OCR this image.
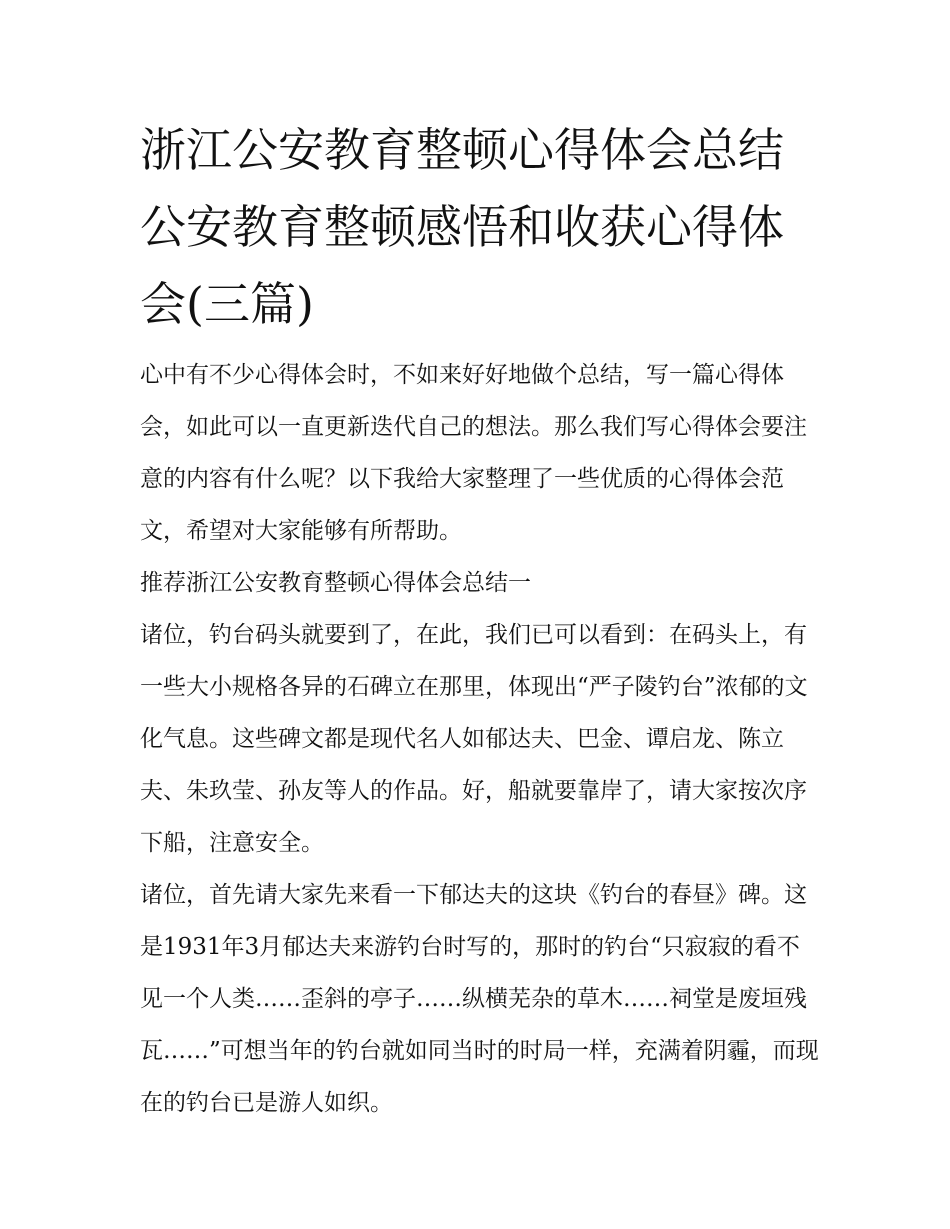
浙江公安教育整顿心得体会总结 公安教育整顿感悟和收获心得体会(三篇)

心中有不少心得体会时，不如来好好地做个总结，写一篇心得体会，如此可以一直更新迭代自己的想法。那么我们写心得体会要注意的内容有什么呢？以下我给大家整理了一些优质的心得体会范文，希望对大家能够有所帮助。

推荐浙江公安教育整顿心得体会总结一

诸位，钓台码头就要到了，在此，我们已可以看到：在码头上，有一些大小规格各异的石碑立在那里，体现出“严子陵钓台”浓郁的文化气息。这些碑文都是现代名人如郁达夫、巴金、谭启龙、陈立夫、朱玖莹、孙友等人的作品。好，船就要靠岸了，请大家按次序下船，注意安全。

诸位，首先请大家先来看一下郁达夫的这块《钓台的春昼》碑。这是1931年3月郁达夫来游钓台时写的，那时的钓台“只寂寂的看不见一个人类……歪斜的亭子……纵横芜杂的草木……祠堂是废垣残瓦……”可想当年的钓台就如同当时的时局一样，充满着阴霾，而现在的钓台已是游人如织。
